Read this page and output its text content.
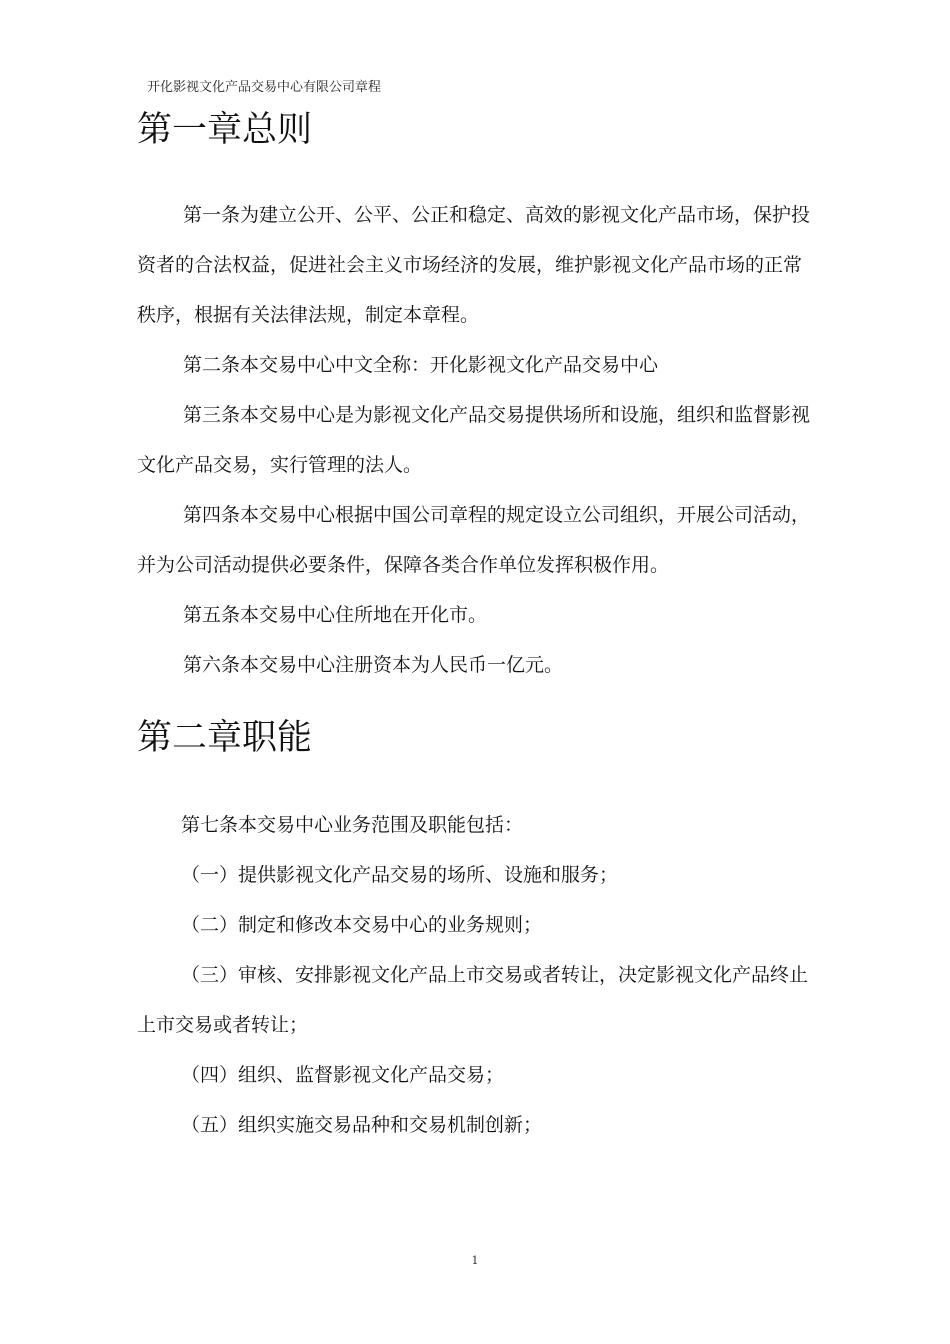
开化影视文化产品交易中心有限公司章程
第一章总则

第一条为建立公开、公平、公正和稳定、高效的影视文化产品市场，保护投资者的合法权益，促进社会主义市场经济的发展，维护影视文化产品市场的正常秩序，根据有关法律法规，制定本章程。

第二条本交易中心中文全称：开化影视文化产品交易中心

第三条本交易中心是为影视文化产品交易提供场所和设施，组织和监督影视文化产品交易，实行管理的法人。

第四条本交易中心根据中国公司章程的规定设立公司组织，开展公司活动，并为公司活动提供必要条件，保障各类合作单位发挥积极作用。

第五条本交易中心住所地在开化市。

第六条本交易中心注册资本为人民币一亿元。

第二章职能

第七条本交易中心业务范围及职能包括：

（一）提供影视文化产品交易的场所、设施和服务；

（二）制定和修改本交易中心的业务规则；

（三）审核、安排影视文化产品上市交易或者转让，决定影视文化产品终止上市交易或者转让；

（四）组织、监督影视文化产品交易；

（五）组织实施交易品种和交易机制创新；

1
